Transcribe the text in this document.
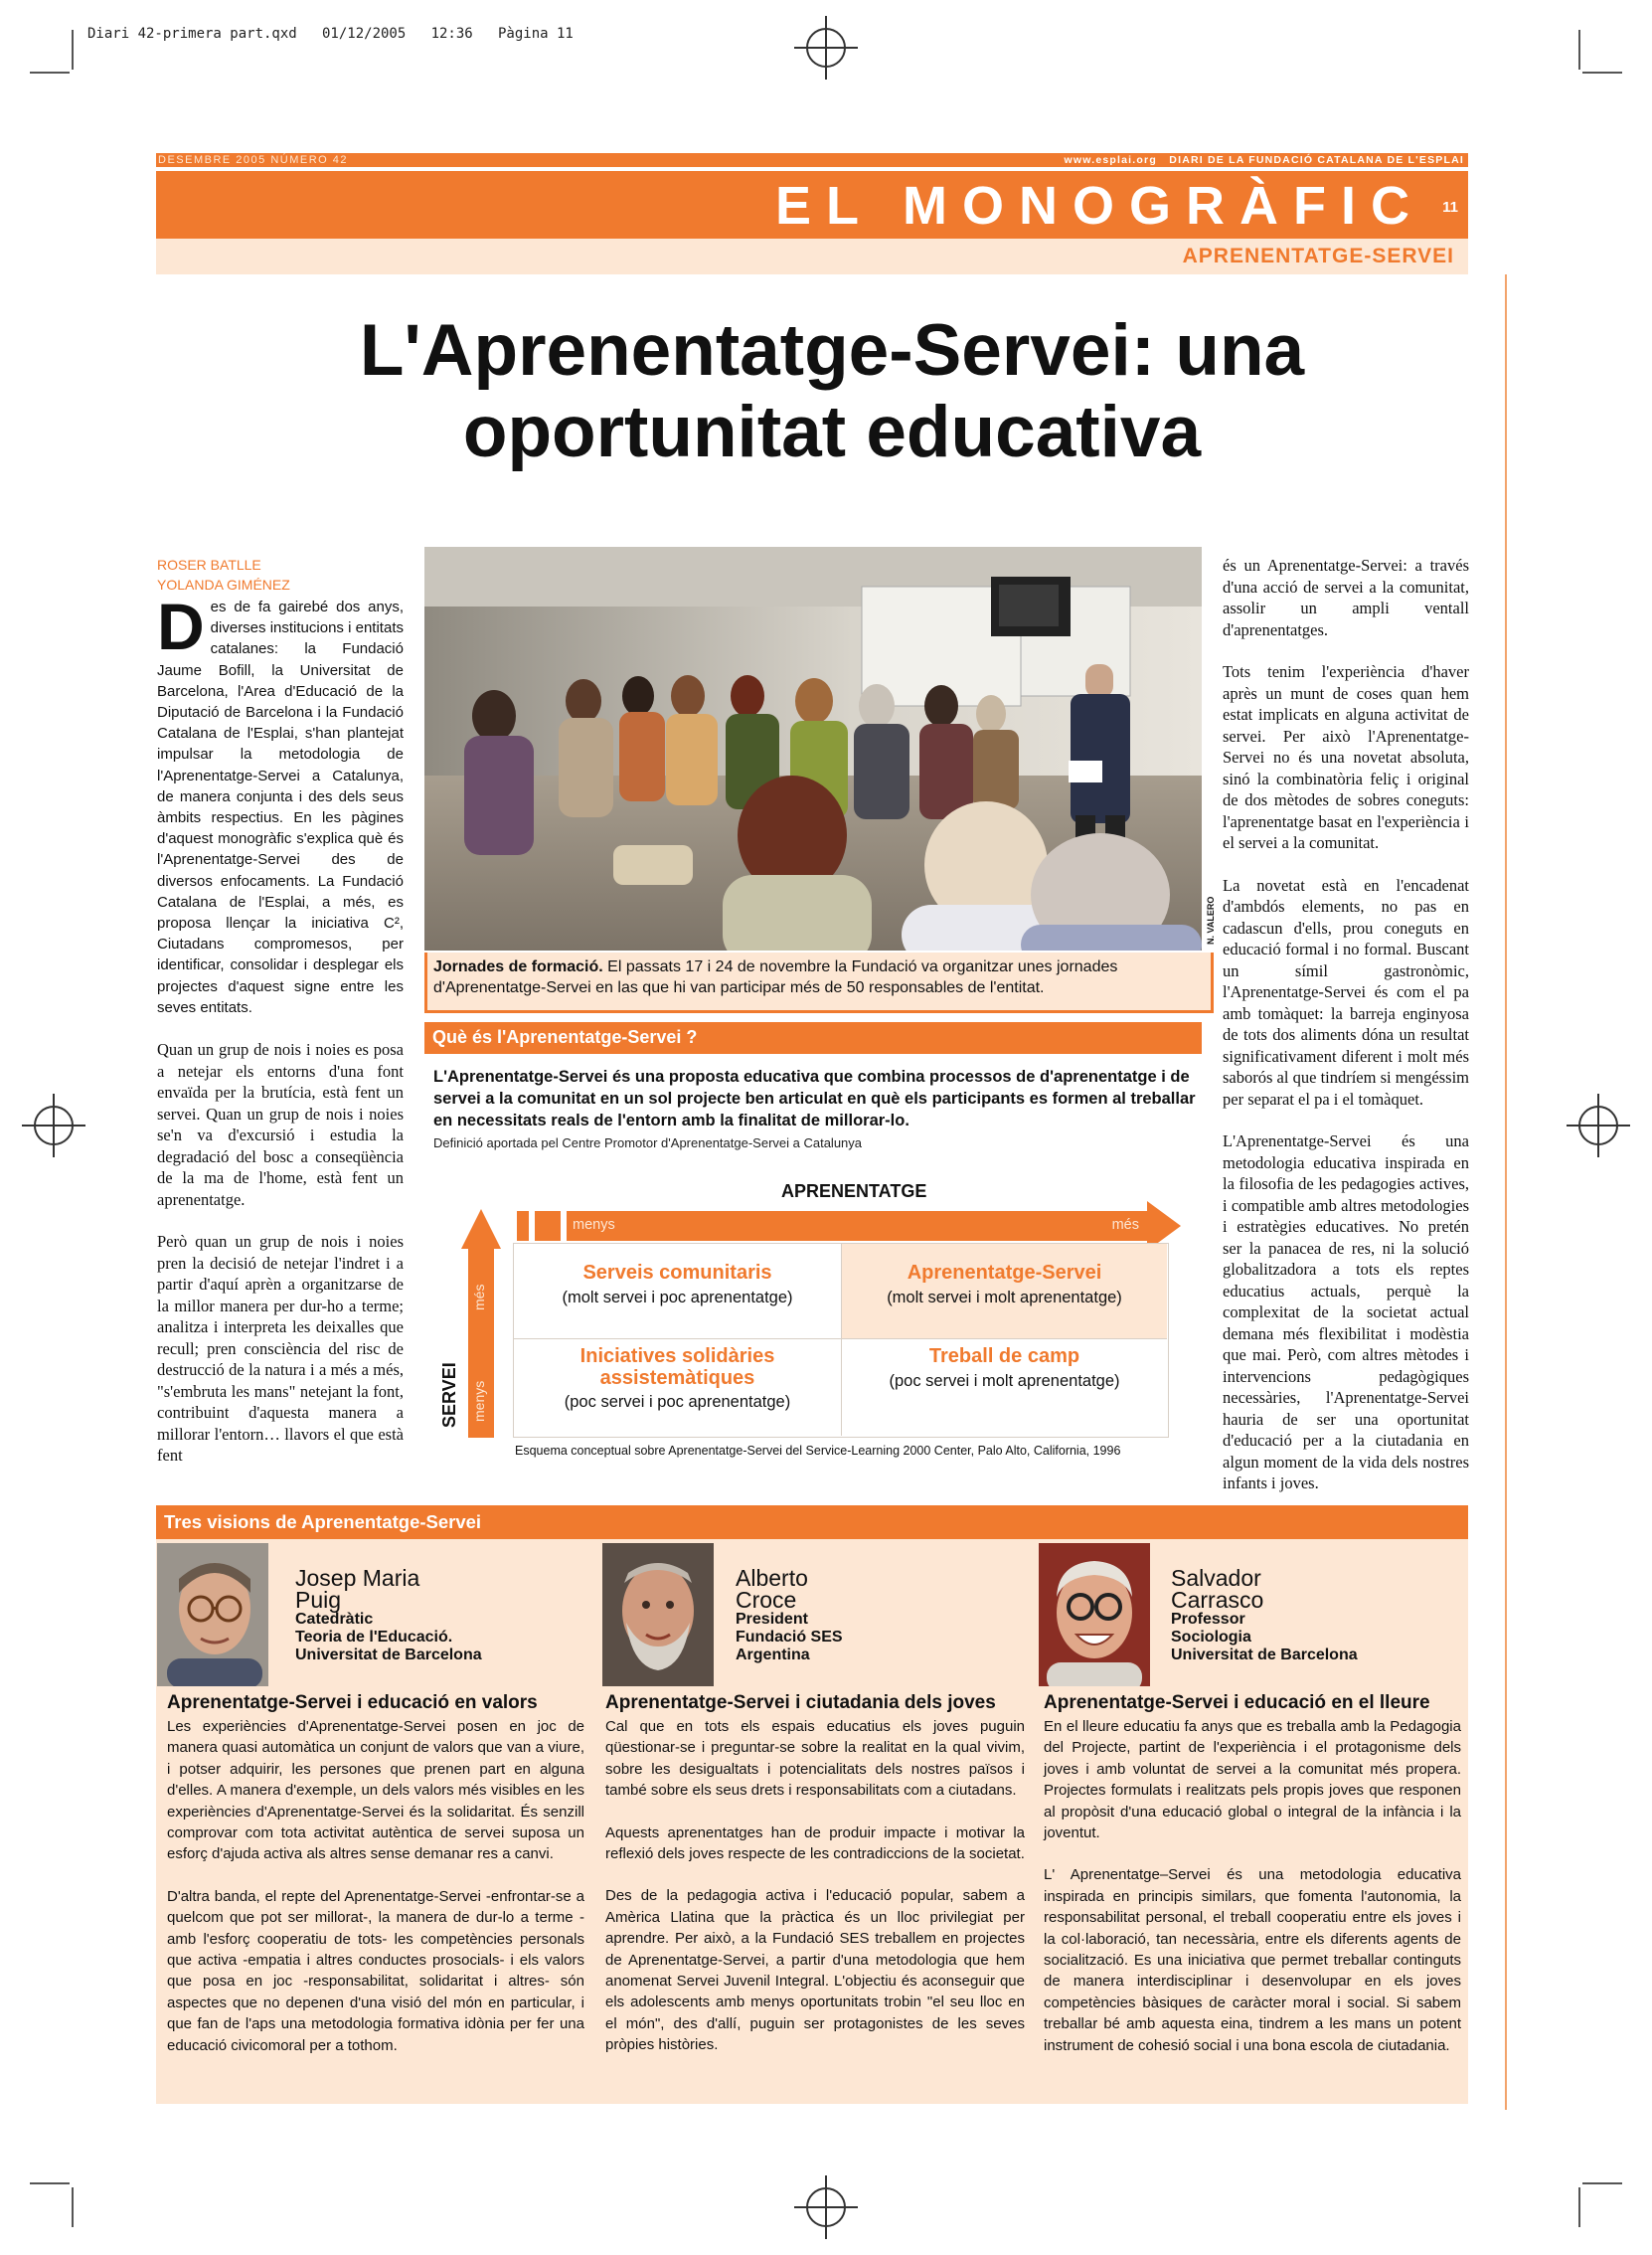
Diari 42-primera part.qxd   01/12/2005   12:36   Pàgina 11
DESEMBRE 2005 NÚMERO 42	www.esplai.org DIARI DE LA FUNDACIÓ CATALANA DE L'ESPLAI
EL MONOGRÀFIC 11
APRENENTATGE-SERVEI
L'Aprenentatge-Servei: una
oportunitat educativa
ROSER BATLLE
YOLANDA GIMÉNEZ
Des de fa gairebé dos anys, diverses institucions i entitats catalanes: la Fundació Jaume Bofill, la Universitat de Barcelona, l'Area d'Educació de la Diputació de Barcelona i la Fundació Catalana de l'Esplai, s'han plantejat impulsar la metodologia de l'Aprenentatge-Servei a Catalunya, de manera conjunta i des dels seus àmbits respectius. En les pàgines d'aquest monogràfic s'explica què és l'Aprenentatge-Servei des de diversos enfocaments. La Fundació Catalana de l'Esplai, a més, es proposa llençar la iniciativa C², Ciutadans compromesos, per identificar, consolidar i desplegar els projectes d'aquest signe entre les seves entitats.

Quan un grup de nois i noies es posa a netejar els entorns d'una font envaïda per la brutícia, està fent un servei. Quan un grup de nois i noies se'n va d'excursió i estudia la degradació del bosc a conseqüència de la ma de l'home, està fent un aprenentatge.

Però quan un grup de nois i noies pren la decisió de netejar l'indret i a partir d'aquí aprèn a organitzarse de la millor manera per dur-ho a terme; analitza i interpreta les deixalles que recull; pren consciència del risc de destrucció de la natura i a més a més, "s'embruta les mans" netejant la font, contribuint d'aquesta manera a millorar l'entorn… llavors el que està fent

N. VALERO
Jornades de formació. El passats 17 i 24 de novembre la Fundació va organitzar unes jornades d'Aprenentatge-Servei en las que hi van participar més de 50 responsables de l'entitat.
Què és l'Aprenentatge-Servei ?
L'Aprenentatge-Servei és una proposta educativa que combina processos de d'aprenentatge i de servei a la comunitat en un sol projecte ben articulat en què els participants es formen al treballar en necessitats reals de l'entorn amb la finalitat de millorar-lo.
Definició aportada pel Centre Promotor d'Aprenentatge-Servei a Catalunya
APRENENTATGE
menys	més
més
menys
SERVEI
Serveis comunitaris
(molt servei i poc aprenentatge)
Aprenentatge-Servei
(molt servei i molt aprenentatge)
Iniciatives solidàries assistemàtiques
(poc servei i poc aprenentatge)
Treball de camp
(poc servei i molt aprenentatge)
Esquema conceptual sobre Aprenentatge-Servei del Service-Learning 2000 Center, Palo Alto, California, 1996

és un Aprenentatge-Servei: a través d'una acció de servei a la comunitat, assolir un ampli ventall d'aprenentatges.

Tots tenim l'experiència d'haver après un munt de coses quan hem estat implicats en alguna activitat de servei. Per això l'Aprenentatge-Servei no és una novetat absoluta, sinó la combinatòria feliç i original de dos mètodes de sobres coneguts: l'aprenentatge basat en l'experiència i el servei a la comunitat.

La novetat està en l'encadenat d'ambdós elements, no pas en cadascun d'ells, prou coneguts en educació formal i no formal. Buscant un símil gastronòmic, l'Aprenentatge-Servei és com el pa amb tomàquet: la barreja enginyosa de tots dos aliments dóna un resultat significativament diferent i molt més saborós al que tindríem si mengéssim per separat el pa i el tomàquet.

L'Aprenentatge-Servei és una metodologia educativa inspirada en la filosofia de les pedagogies actives, i compatible amb altres metodologies i estratègies educatives. No pretén ser la panacea de res, ni la solució globalitzadora a tots els reptes educatius actuals, perquè la complexitat de la societat actual demana més flexibilitat i modèstia que mai. Però, com altres mètodes i intervencions pedagògiques necessàries, l'Aprenentatge-Servei hauria de ser una oportunitat d'educació per a la ciutadania en algun moment de la vida dels nostres infants i joves.

Tres visions de Aprenentatge-Servei
Josep Maria
Puig
Catedràtic
Teoria de l'Educació.
Universitat de Barcelona
Aprenentatge-Servei i educació en valors

Les experiències d'Aprenentatge-Servei posen en joc de manera quasi automàtica un conjunt de valors que van a viure, i potser adquirir, les persones que prenen part en alguna d'elles. A manera d'exemple, un dels valors més visibles en les experiències d'Aprenentatge-Servei és la solidaritat. És senzill comprovar com tota activitat autèntica de servei suposa un esforç d'ajuda activa als altres sense demanar res a canvi.

D'altra banda, el repte del Aprenentatge-Servei -enfrontar-se a quelcom que pot ser millorat-, la manera de dur-lo a terme -amb l'esforç cooperatiu de tots- les competències personals que activa -empatia i altres conductes prosocials- i els valors que posa en joc -responsabilitat, solidaritat i altres- són aspectes que no depenen d'una visió del món en particular, i que fan de l'aps una metodologia formativa idònia per fer una educació civicomoral per a tothom.

Alberto
Croce
President
Fundació SES
Argentina
Aprenentatge-Servei i ciutadania dels joves

Cal que en tots els espais educatius els joves puguin qüestionar-se i preguntar-se sobre la realitat en la qual vivim, sobre les desigualtats i potencialitats dels nostres països i també sobre els seus drets i responsabilitats com a ciutadans.

Aquests aprenentatges han de produir impacte i motivar la reflexió dels joves respecte de les contradiccions de la societat.

Des de la pedagogia activa i l'educació popular, sabem a Amèrica Llatina que la pràctica és un lloc privilegiat per aprendre. Per això, a la Fundació SES treballem en projectes de Aprenentatge-Servei, a partir d'una metodologia que hem anomenat Servei Juvenil Integral. L'objectiu és aconseguir que els adolescents amb menys oportunitats trobin "el seu lloc en el món", des d'allí, puguin ser protagonistes de les seves pròpies històries.

Salvador
Carrasco
Professor
Sociologia
Universitat de Barcelona
Aprenentatge-Servei i educació en el lleure

En el lleure educatiu fa anys que es treballa amb la Pedagogia del Projecte, partint de l'experiència i el protagonisme dels joves i amb voluntat de servei a la comunitat més propera. Projectes formulats i realitzats pels propis joves que responen al propòsit d'una educació global o integral de la infància i la joventut.

L' Aprenentatge–Servei és una metodologia educativa inspirada en principis similars, que fomenta l'autonomia, la responsabilitat personal, el treball cooperatiu entre els joves i la col·laboració, tan necessària, entre els diferents agents de socialització. Es una iniciativa que permet treballar continguts de manera interdisciplinar i desenvolupar en els joves competències bàsiques de caràcter moral i social. Si sabem treballar bé amb aquesta eina, tindrem a les mans un potent instrument de cohesió social i una bona escola de ciutadania.
